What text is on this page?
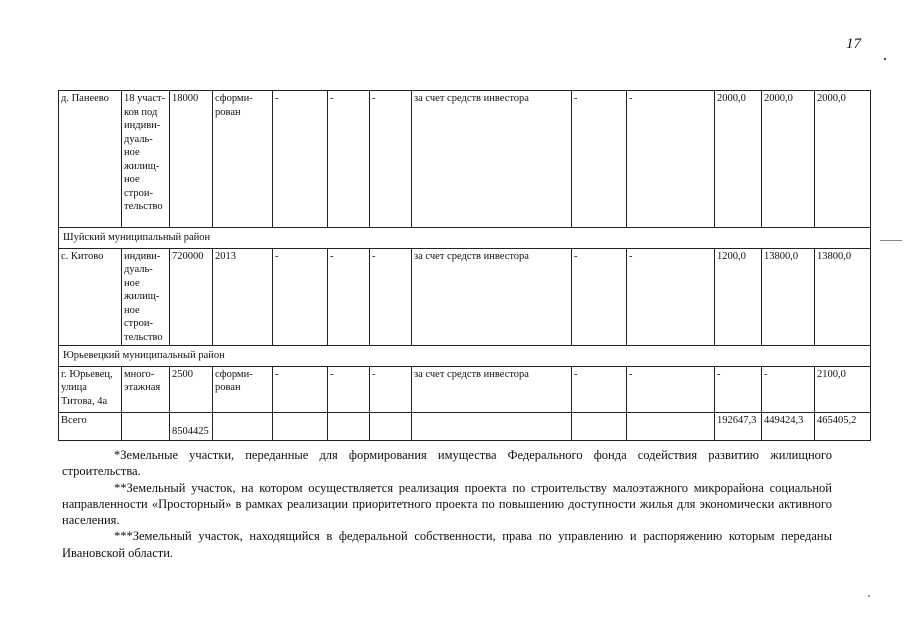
17
д. Панеево	18 участ-ков под индиви-дуаль-ное жилищ-ное строи-тельство	18000	сформи-рован	-	-	-	за счет средств инвестора	-	-	2000,0	2000,0	2000,0
Шуйский муниципальный район												
с. Китово	индиви-дуаль-ное жилищ-ное строи-тельство	720000	2013	-	-	-	за счет средств инвестора	-	-	1200,0	13800,0	13800,0
Юрьевецкий муниципальный район												
г. Юрьевец, улица Титова, 4а	много-этажная	2500	сформи-рован	-	-	-	за счет средств инвестора	-	-	-	-	2100,0
Всего		8504425								192647,3	449424,3	465405,2

*Земельные участки, переданные для формирования имущества Федерального фонда содействия развитию жилищного строительства.

**Земельный участок, на котором осуществляется реализация проекта по строительству малоэтажного микрорайона социальной направленности «Просторный» в рамках реализации приоритетного проекта по повышению доступности жилья для экономически активного населения.

***Земельный участок, находящийся в федеральной собственности, права по управлению и распоряжению которым переданы Ивановской области.
